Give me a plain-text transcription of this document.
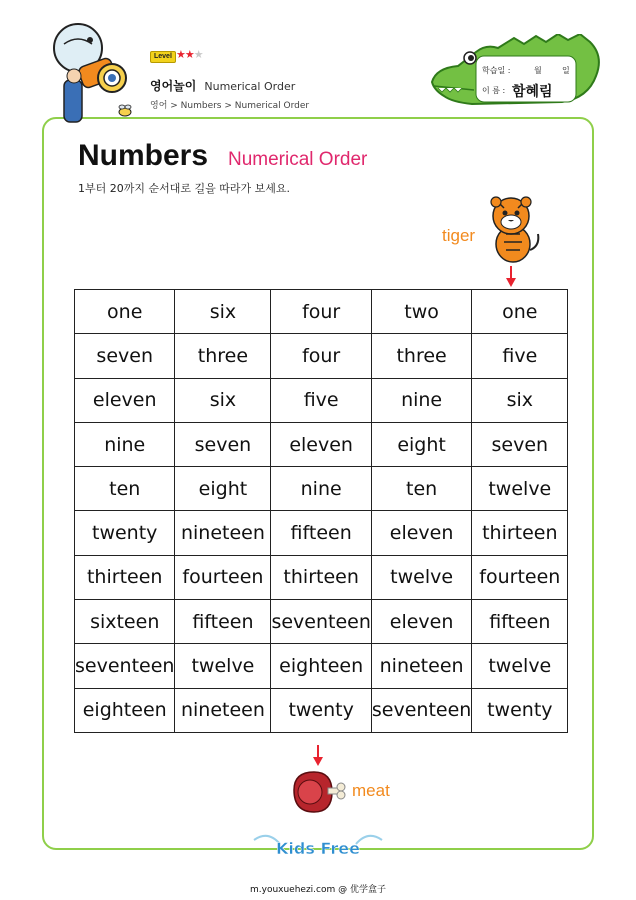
Level ★★★
영어놀이 Numerical Order
영어 > Numbers > Numerical Order
학습일 :	월	일
이 름 : 함혜림
Numbers Numerical Order
1부터 20까지 순서대로 길을 따라가 보세요.
tiger
one	six	four	two	one
seven	three	four	three	five
eleven	six	five	nine	six
nine	seven	eleven	eight	seven
ten	eight	nine	ten	twelve
twenty	nineteen	fifteen	eleven	thirteen
thirteen	fourteen	thirteen	twelve	fourteen
sixteen	fifteen	seventeen	eleven	fifteen
seventeen	twelve	eighteen	nineteen	twelve
eighteen	nineteen	twenty	seventeen	twenty
meat
Kids Free
m.youxuehezi.com @ 优学盒子
